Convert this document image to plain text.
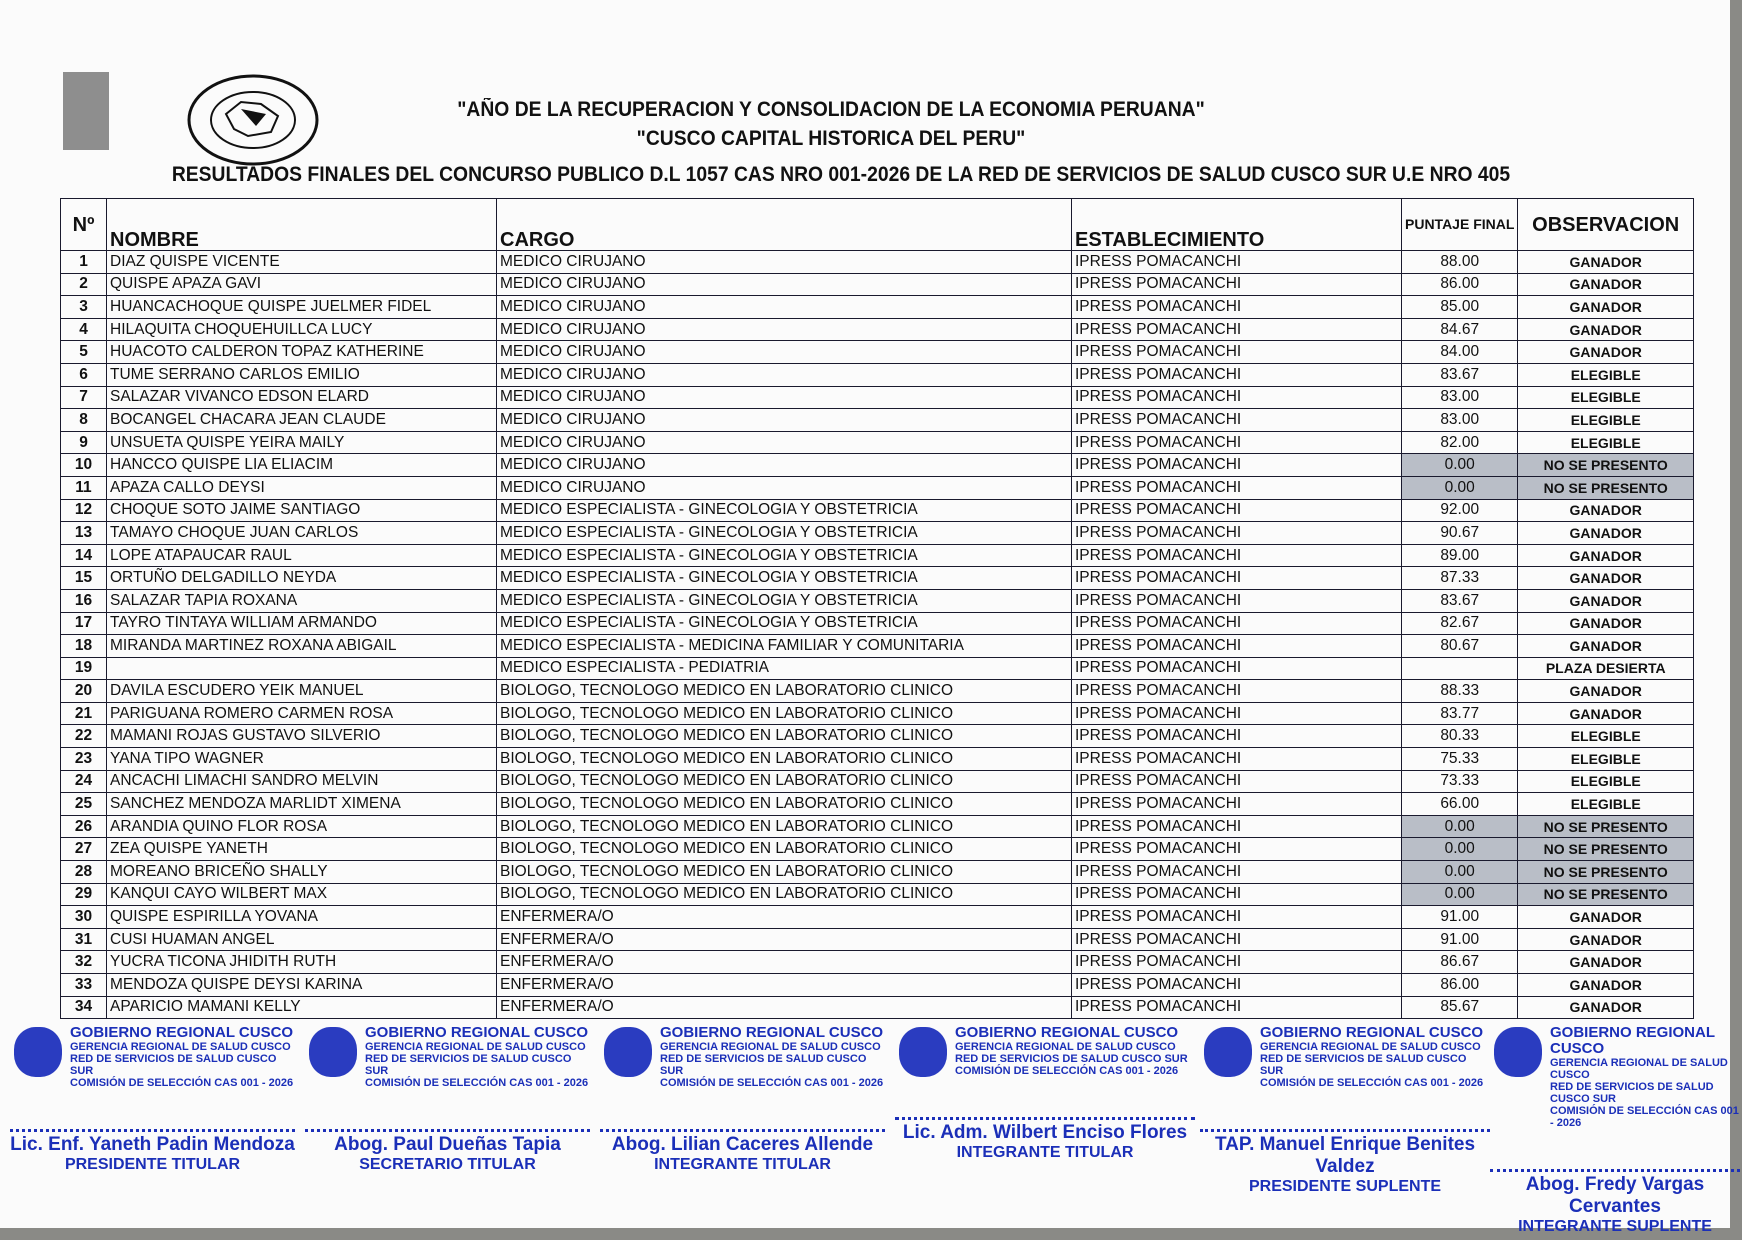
"AÑO DE LA RECUPERACION Y CONSOLIDACION DE LA ECONOMIA PERUANA"
"CUSCO CAPITAL HISTORICA DEL PERU"
RESULTADOS FINALES DEL CONCURSO PUBLICO D.L 1057 CAS NRO 001-2026 DE LA RED DE SERVICIOS DE SALUD CUSCO SUR U.E NRO 405
Nº	NOMBRE	CARGO	ESTABLECIMIENTO	PUNTAJE FINAL	OBSERVACION
1	DIAZ QUISPE VICENTE	MEDICO CIRUJANO	IPRESS POMACANCHI	88.00	GANADOR
2	QUISPE APAZA GAVI	MEDICO CIRUJANO	IPRESS POMACANCHI	86.00	GANADOR
3	HUANCACHOQUE QUISPE JUELMER FIDEL	MEDICO CIRUJANO	IPRESS POMACANCHI	85.00	GANADOR
4	HILAQUITA CHOQUEHUILLCA LUCY	MEDICO CIRUJANO	IPRESS POMACANCHI	84.67	GANADOR
5	HUACOTO CALDERON TOPAZ KATHERINE	MEDICO CIRUJANO	IPRESS POMACANCHI	84.00	GANADOR
6	TUME SERRANO CARLOS EMILIO	MEDICO CIRUJANO	IPRESS POMACANCHI	83.67	ELEGIBLE
7	SALAZAR VIVANCO EDSON ELARD	MEDICO CIRUJANO	IPRESS POMACANCHI	83.00	ELEGIBLE
8	BOCANGEL CHACARA JEAN CLAUDE	MEDICO CIRUJANO	IPRESS POMACANCHI	83.00	ELEGIBLE
9	UNSUETA QUISPE YEIRA MAILY	MEDICO CIRUJANO	IPRESS POMACANCHI	82.00	ELEGIBLE
10	HANCCO QUISPE LIA ELIACIM	MEDICO CIRUJANO	IPRESS POMACANCHI	0.00	NO SE PRESENTO
11	APAZA CALLO DEYSI	MEDICO CIRUJANO	IPRESS POMACANCHI	0.00	NO SE PRESENTO
12	CHOQUE SOTO JAIME SANTIAGO	MEDICO ESPECIALISTA - GINECOLOGIA Y OBSTETRICIA	IPRESS POMACANCHI	92.00	GANADOR
13	TAMAYO CHOQUE JUAN CARLOS	MEDICO ESPECIALISTA - GINECOLOGIA Y OBSTETRICIA	IPRESS POMACANCHI	90.67	GANADOR
14	LOPE ATAPAUCAR RAUL	MEDICO ESPECIALISTA - GINECOLOGIA Y OBSTETRICIA	IPRESS POMACANCHI	89.00	GANADOR
15	ORTUÑO DELGADILLO NEYDA	MEDICO ESPECIALISTA - GINECOLOGIA Y OBSTETRICIA	IPRESS POMACANCHI	87.33	GANADOR
16	SALAZAR TAPIA ROXANA	MEDICO ESPECIALISTA - GINECOLOGIA Y OBSTETRICIA	IPRESS POMACANCHI	83.67	GANADOR
17	TAYRO TINTAYA WILLIAM ARMANDO	MEDICO ESPECIALISTA - GINECOLOGIA Y OBSTETRICIA	IPRESS POMACANCHI	82.67	GANADOR
18	MIRANDA MARTINEZ ROXANA ABIGAIL	MEDICO ESPECIALISTA - MEDICINA FAMILIAR Y COMUNITARIA	IPRESS POMACANCHI	80.67	GANADOR
19		MEDICO ESPECIALISTA - PEDIATRIA	IPRESS POMACANCHI		PLAZA DESIERTA
20	DAVILA ESCUDERO YEIK MANUEL	BIOLOGO, TECNOLOGO MEDICO EN LABORATORIO CLINICO	IPRESS POMACANCHI	88.33	GANADOR
21	PARIGUANA ROMERO CARMEN ROSA	BIOLOGO, TECNOLOGO MEDICO EN LABORATORIO CLINICO	IPRESS POMACANCHI	83.77	GANADOR
22	MAMANI ROJAS GUSTAVO SILVERIO	BIOLOGO, TECNOLOGO MEDICO EN LABORATORIO CLINICO	IPRESS POMACANCHI	80.33	ELEGIBLE
23	YANA TIPO WAGNER	BIOLOGO, TECNOLOGO MEDICO EN LABORATORIO CLINICO	IPRESS POMACANCHI	75.33	ELEGIBLE
24	ANCACHI LIMACHI SANDRO MELVIN	BIOLOGO, TECNOLOGO MEDICO EN LABORATORIO CLINICO	IPRESS POMACANCHI	73.33	ELEGIBLE
25	SANCHEZ MENDOZA MARLIDT XIMENA	BIOLOGO, TECNOLOGO MEDICO EN LABORATORIO CLINICO	IPRESS POMACANCHI	66.00	ELEGIBLE
26	ARANDIA QUINO FLOR ROSA	BIOLOGO, TECNOLOGO MEDICO EN LABORATORIO CLINICO	IPRESS POMACANCHI	0.00	NO SE PRESENTO
27	ZEA QUISPE YANETH	BIOLOGO, TECNOLOGO MEDICO EN LABORATORIO CLINICO	IPRESS POMACANCHI	0.00	NO SE PRESENTO
28	MOREANO BRICEÑO SHALLY	BIOLOGO, TECNOLOGO MEDICO EN LABORATORIO CLINICO	IPRESS POMACANCHI	0.00	NO SE PRESENTO
29	KANQUI CAYO WILBERT MAX	BIOLOGO, TECNOLOGO MEDICO EN LABORATORIO CLINICO	IPRESS POMACANCHI	0.00	NO SE PRESENTO
30	QUISPE ESPIRILLA YOVANA	ENFERMERA/O	IPRESS POMACANCHI	91.00	GANADOR
31	CUSI HUAMAN ANGEL	ENFERMERA/O	IPRESS POMACANCHI	91.00	GANADOR
32	YUCRA TICONA JHIDITH RUTH	ENFERMERA/O	IPRESS POMACANCHI	86.67	GANADOR
33	MENDOZA QUISPE DEYSI KARINA	ENFERMERA/O	IPRESS POMACANCHI	86.00	GANADOR
34	APARICIO MAMANI KELLY	ENFERMERA/O	IPRESS POMACANCHI	85.67	GANADOR
GOBIERNO REGIONAL CUSCO
GERENCIA REGIONAL DE SALUD CUSCO
RED DE SERVICIOS DE SALUD CUSCO SUR
COMISIÓN DE SELECCIÓN CAS 001 - 2026
Lic. Enf. Yaneth Padin Mendoza
PRESIDENTE TITULAR
GOBIERNO REGIONAL CUSCO
GERENCIA REGIONAL DE SALUD CUSCO
RED DE SERVICIOS DE SALUD CUSCO SUR
COMISIÓN DE SELECCIÓN CAS 001 - 2026
Abog. Paul Dueñas Tapia
SECRETARIO TITULAR
GOBIERNO REGIONAL CUSCO
GERENCIA REGIONAL DE SALUD CUSCO
RED DE SERVICIOS DE SALUD CUSCO SUR
COMISIÓN DE SELECCIÓN CAS 001 - 2026
Abog. Lilian Caceres Allende
INTEGRANTE TITULAR
GOBIERNO REGIONAL CUSCO
GERENCIA REGIONAL DE SALUD CUSCO
RED DE SERVICIOS DE SALUD CUSCO SUR
COMISIÓN DE SELECCIÓN CAS 001 - 2026
Lic. Adm. Wilbert Enciso Flores
INTEGRANTE TITULAR
GOBIERNO REGIONAL CUSCO
GERENCIA REGIONAL DE SALUD CUSCO
RED DE SERVICIOS DE SALUD CUSCO SUR
COMISIÓN DE SELECCIÓN CAS 001 - 2026
TAP. Manuel Enrique Benites Valdez
PRESIDENTE SUPLENTE
GOBIERNO REGIONAL CUSCO
GERENCIA REGIONAL DE SALUD CUSCO
RED DE SERVICIOS DE SALUD CUSCO SUR
COMISIÓN DE SELECCIÓN CAS 001 - 2026
Abog. Fredy Vargas Cervantes
INTEGRANTE SUPLENTE
